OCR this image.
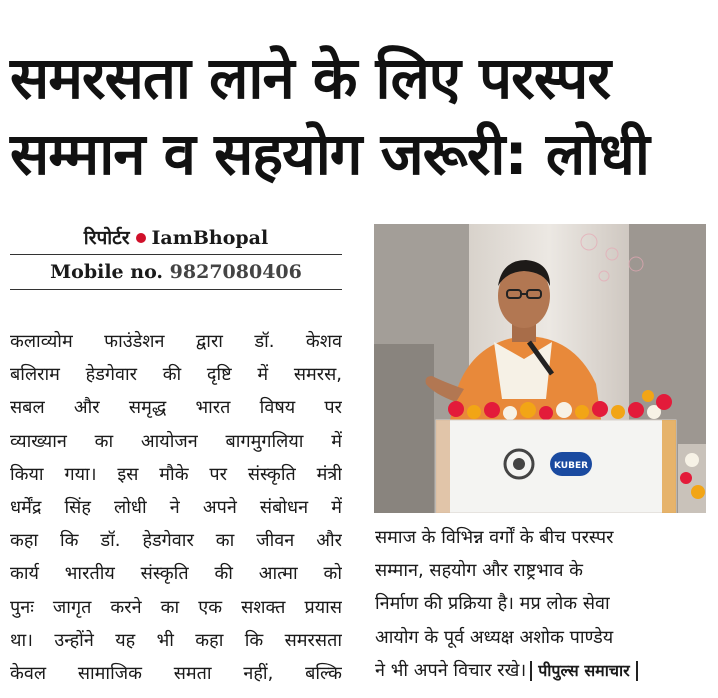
समरसता लाने के लिए परस्पर
सम्मान व सहयोग जरूरी: लोधी
रिपोर्टर IamBhopal
Mobile no. 9827080406
कलाव्योम फाउंडेशन द्वारा डॉ. केशव
बलिराम हेडगेवार की दृष्टि में समरस,
सबल और समृद्ध भारत विषय पर
व्याख्यान का आयोजन बागमुगलिया में
किया गया। इस मौके पर संस्कृति मंत्री
धर्मेंद्र सिंह लोधी ने अपने संबोधन में
कहा कि डॉ. हेडगेवार का जीवन और
कार्य भारतीय संस्कृति की आत्मा को
पुनः जागृत करने का एक सशक्त प्रयास
था। उन्होंने यह भी कहा कि समरसता
केवल सामाजिक समता नहीं, बल्कि
KUBER
समाज के विभिन्न वर्गों के बीच परस्पर
सम्मान, सहयोग और राष्ट्रभाव के
निर्माण की प्रक्रिया है। मप्र लोक सेवा
आयोग के पूर्व अध्यक्ष अशोक पाण्डेय
ने भी अपने विचार रखे। पीपुल्स समाचार
